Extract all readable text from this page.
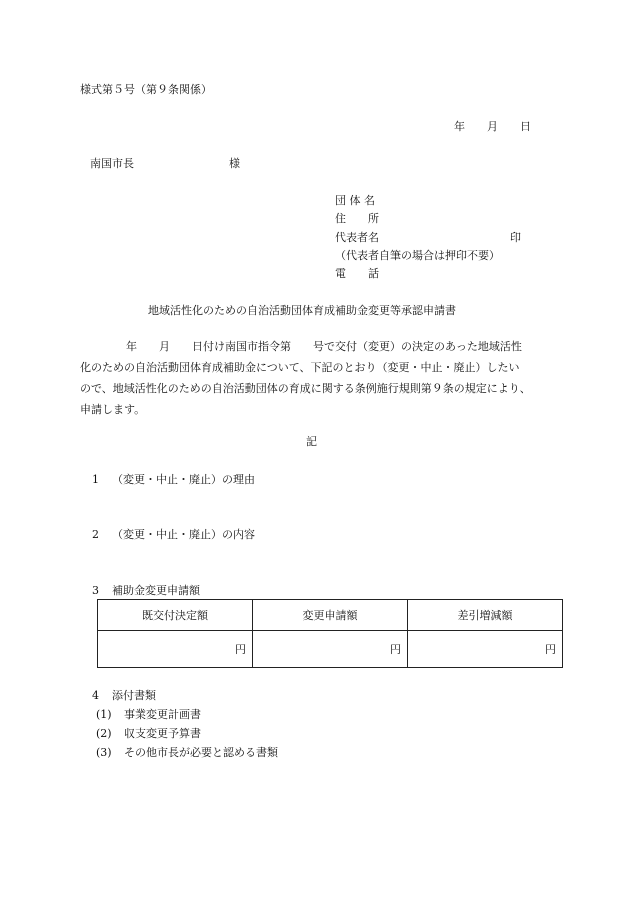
様式第５号（第９条関係）
年 月 日
南国市長	様
団 体 名
住　　所
代表者名	印
（代表者自筆の場合は押印不要）
電　　話
地域活性化のための自治活動団体育成補助金変更等承認申請書
年　　月　　日付け南国市指令第　　号で交付（変更）の決定のあった地域活性
化のための自治活動団体育成補助金について、下記のとおり（変更・中止・廃止）したい
ので、地域活性化のための自治活動団体の育成に関する条例施行規則第９条の規定により、
申請します。
記
1 （変更・中止・廃止）の理由
2 （変更・中止・廃止）の内容
3 補助金変更申請額
既交付決定額	変更申請額	差引増減額
円	円	円
4 添付書類
(1) 事業変更計画書
(2) 収支変更予算書
(3) その他市長が必要と認める書類
